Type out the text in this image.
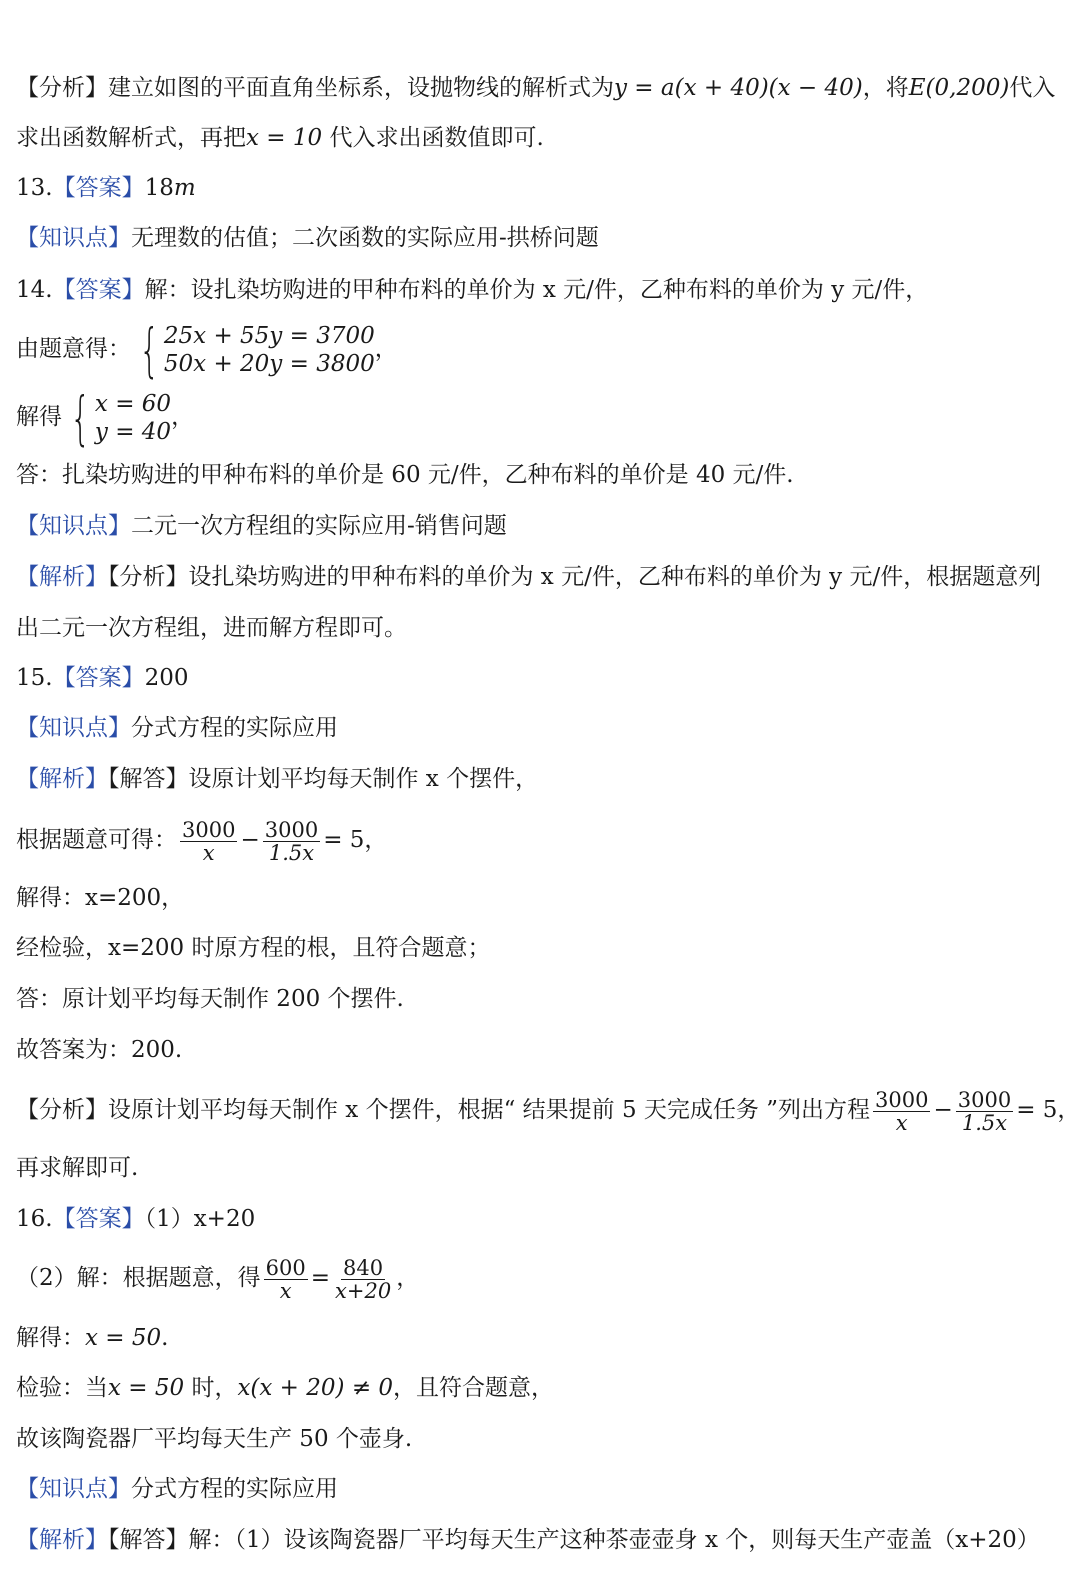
【分析】建立如图的平面直角坐标系，设抛物线的解析式为y = a(x + 40)(x − 40)，将E(0,200)代入
求出函数解析式，再把x = 10 代入求出函数值即可.
13.【答案】18m
【知识点】无理数的估值；二次函数的实际应用-拱桥问题
14.【答案】解：设扎染坊购进的甲种布料的单价为 x 元/件，乙种布料的单价为 y 元/件，
由题意得： { 25x + 55y = 3700
50x + 20y = 3800
，
解得 { x = 60
y = 40
，
答：扎染坊购进的甲种布料的单价是 60 元/件，乙种布料的单价是 40 元/件.
【知识点】二元一次方程组的实际应用-销售问题
【解析】【分析】设扎染坊购进的甲种布料的单价为 x 元/件，乙种布料的单价为 y 元/件，根据题意列
出二元一次方程组，进而解方程即可。
15.【答案】200
【知识点】分式方程的实际应用
【解析】【解答】设原计划平均每天制作 x 个摆件，
根据题意可得： $\frac{3000}{x} - \frac{3000}{1.5x} = 5$，
解得：x=200，
经检验，x=200 时原方程的根，且符合题意；
答：原计划平均每天制作 200 个摆件.
故答案为：200.
【分析】设原计划平均每天制作 x 个摆件，根据“ 结果提前 5 天完成任务 ”列出方程 $\frac{3000}{x} - \frac{3000}{1.5x} = 5$，
再求解即可.
16.【答案】（1）x+20
（2）解：根据题意，得 $\frac{600}{x} = \frac{840}{x+20}$ ，
解得：x = 50.
检验：当x = 50 时，x(x + 20) ≠ 0，且符合题意，
故该陶瓷器厂平均每天生产 50 个壶身.
【知识点】分式方程的实际应用
【解析】【解答】解：（1）设该陶瓷器厂平均每天生产这种茶壶壶身 x 个，则每天生产壶盖（x+20）
